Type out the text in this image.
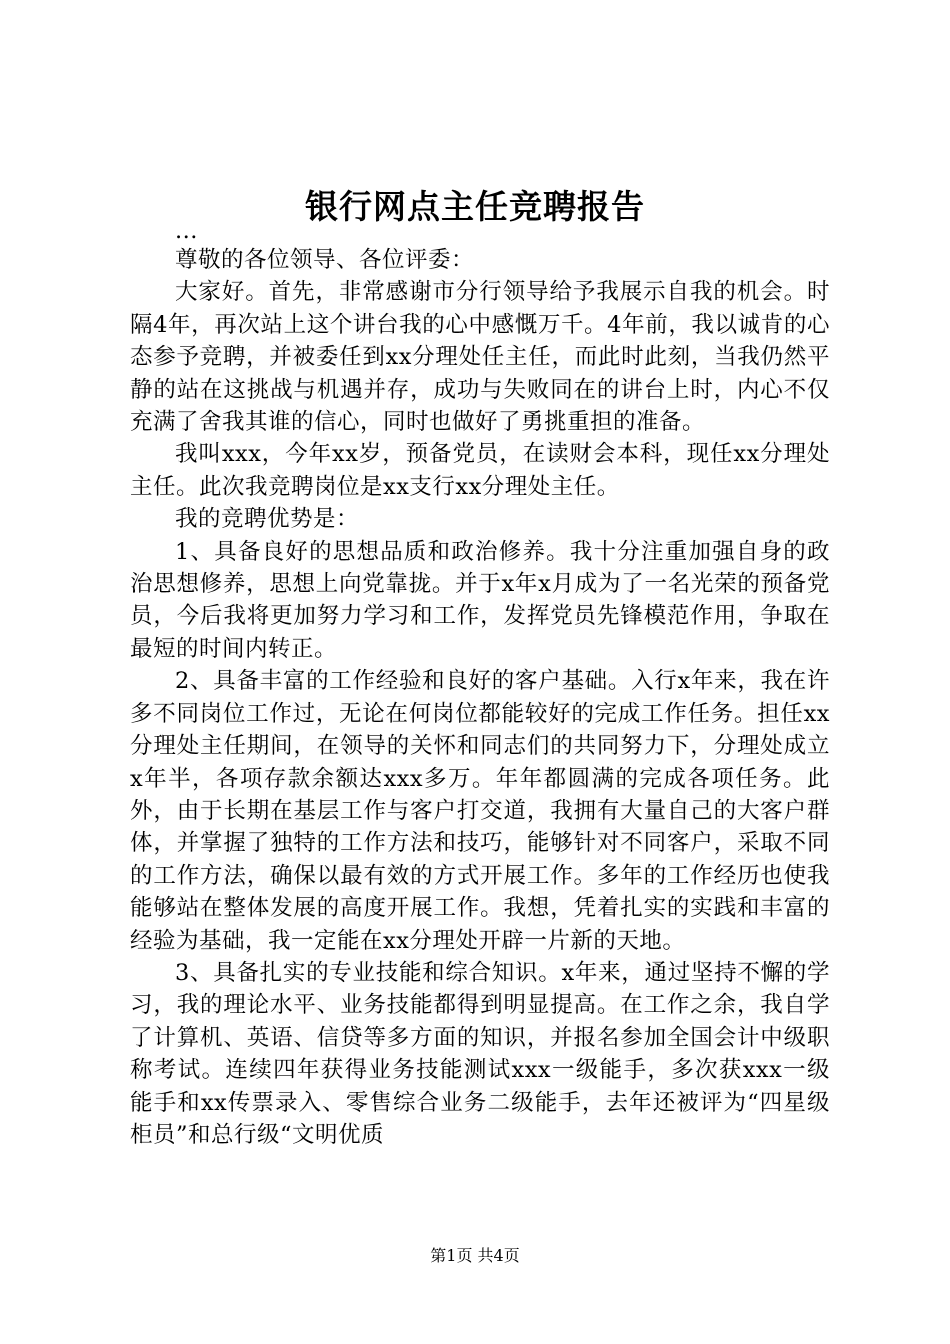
银行网点主任竞聘报告

...

尊敬的各位领导、各位评委：

大家好。首先，非常感谢市分行领导给予我展示自我的机会。时隔4年，再次站上这个讲台我的心中感慨万千。4年前，我以诚肯的心态参予竞聘，并被委任到xx分理处任主任，而此时此刻，当我仍然平静的站在这挑战与机遇并存，成功与失败同在的讲台上时，内心不仅充满了舍我其谁的信心，同时也做好了勇挑重担的准备。

我叫xxx，今年xx岁，预备党员，在读财会本科，现任xx分理处主任。此次我竞聘岗位是xx支行xx分理处主任。

我的竞聘优势是：

1、具备良好的思想品质和政治修养。我十分注重加强自身的政治思想修养，思想上向党靠拢。并于x年x月成为了一名光荣的预备党员，今后我将更加努力学习和工作，发挥党员先锋模范作用，争取在最短的时间内转正。

2、具备丰富的工作经验和良好的客户基础。入行x年来，我在许多不同岗位工作过，无论在何岗位都能较好的完成工作任务。担任xx分理处主任期间，在领导的关怀和同志们的共同努力下，分理处成立x年半，各项存款余额达xxx多万。年年都圆满的完成各项任务。此外，由于长期在基层工作与客户打交道，我拥有大量自己的大客户群体，并掌握了独特的工作方法和技巧，能够针对不同客户，采取不同的工作方法，确保以最有效的方式开展工作。多年的工作经历也使我能够站在整体发展的高度开展工作。我想，凭着扎实的实践和丰富的经验为基础，我一定能在xx分理处开辟一片新的天地。

3、具备扎实的专业技能和综合知识。x年来，通过坚持不懈的学习，我的理论水平、业务技能都得到明显提高。在工作之余，我自学了计算机、英语、信贷等多方面的知识，并报名参加全国会计中级职称考试。连续四年获得业务技能测试xxx一级能手，多次获xxx一级能手和xx传票录入、零售综合业务二级能手，去年还被评为“四星级柜员”和总行级“文明优质

第1页 共4页
